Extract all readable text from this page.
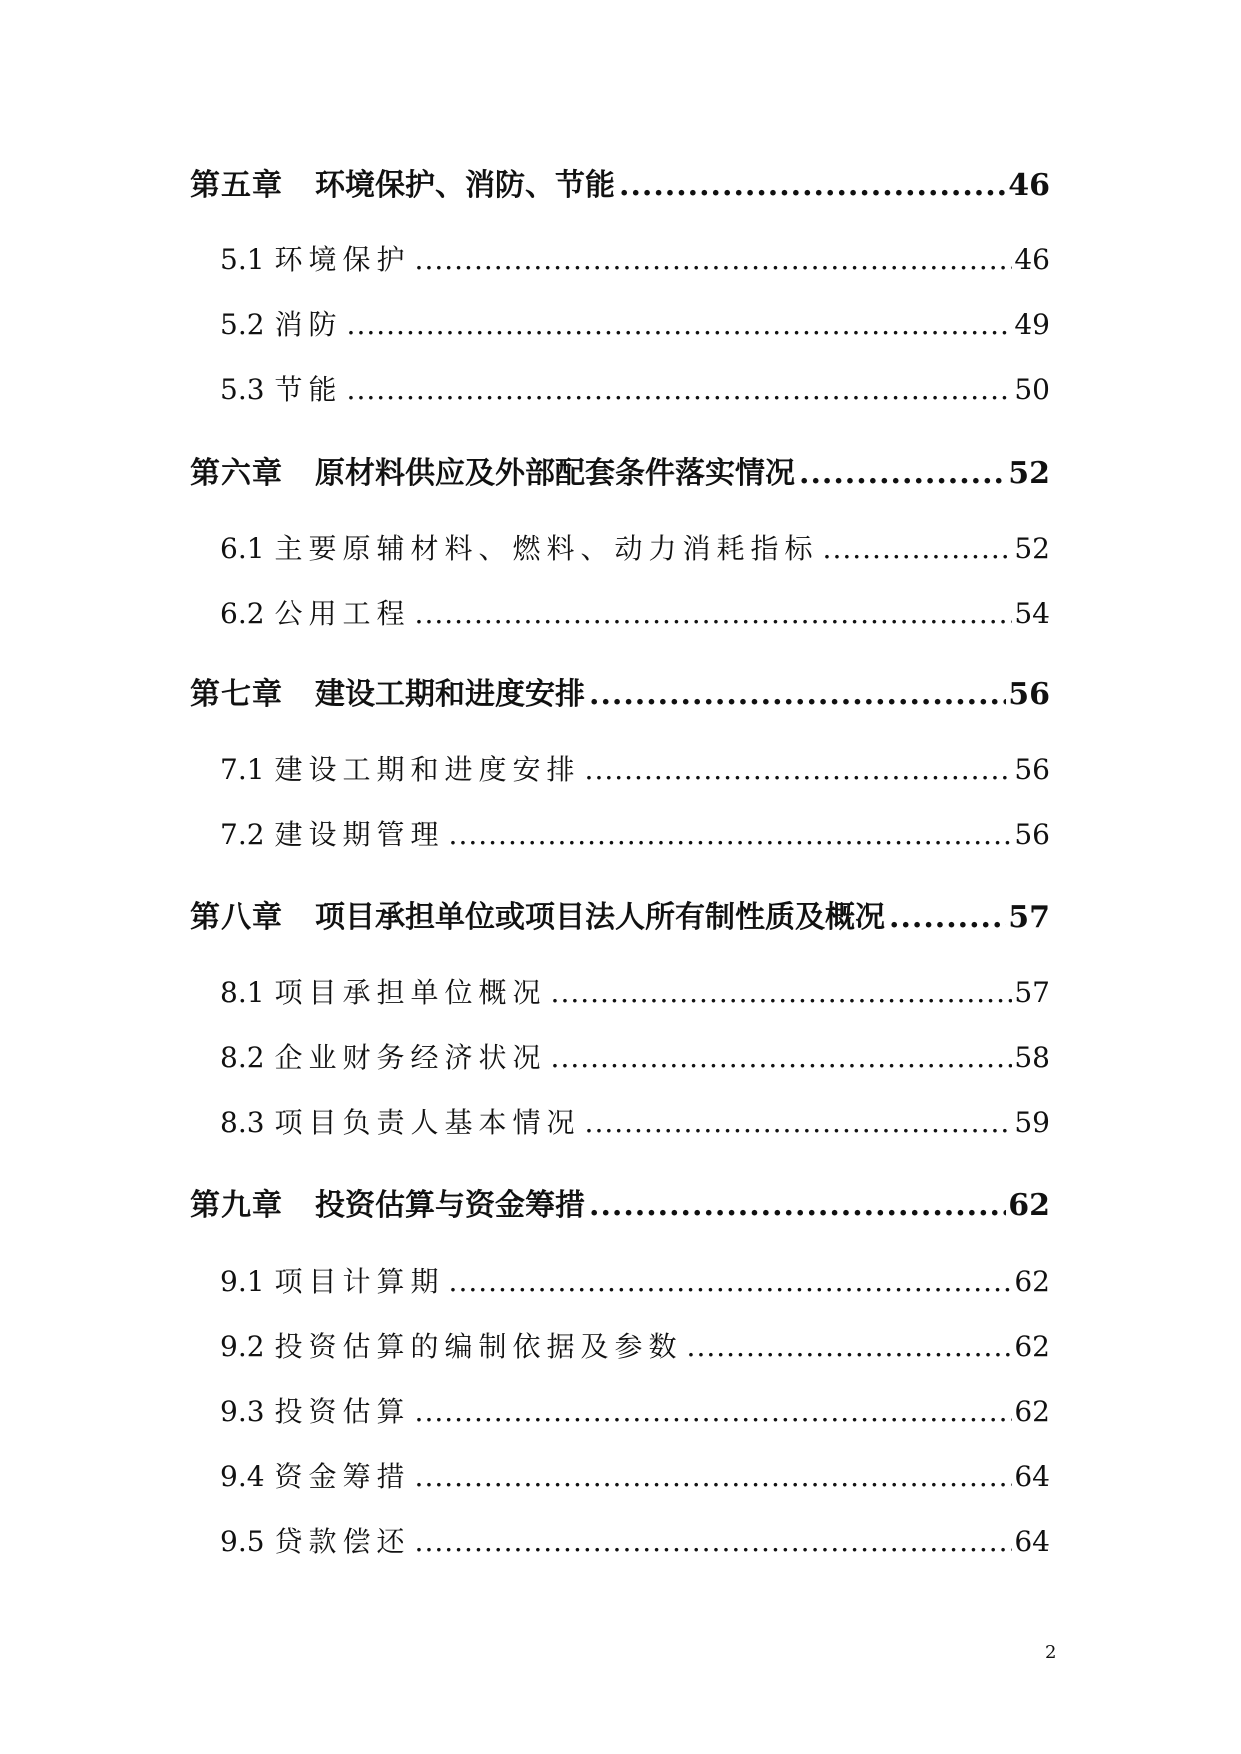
第五章	环境保护、消防、节能 .....	46
5.1 环境保护 .....	46
5.2 消防 .....	49
5.3 节能 .....	50
第六章	原材料供应及外部配套条件落实情况 .....	52
6.1 主要原辅材料、燃料、动力消耗指标 .....	52
6.2 公用工程 .....	54
第七章	建设工期和进度安排 .....	56
7.1 建设工期和进度安排 .....	56
7.2 建设期管理 .....	56
第八章	项目承担单位或项目法人所有制性质及概况 .....	57
8.1 项目承担单位概况 .....	57
8.2 企业财务经济状况 .....	58
8.3 项目负责人基本情况 .....	59
第九章	投资估算与资金筹措 .....	62
9.1 项目计算期 .....	62
9.2 投资估算的编制依据及参数 .....	62
9.3 投资估算 .....	62
9.4 资金筹措 .....	64
9.5 贷款偿还 .....	64
2
